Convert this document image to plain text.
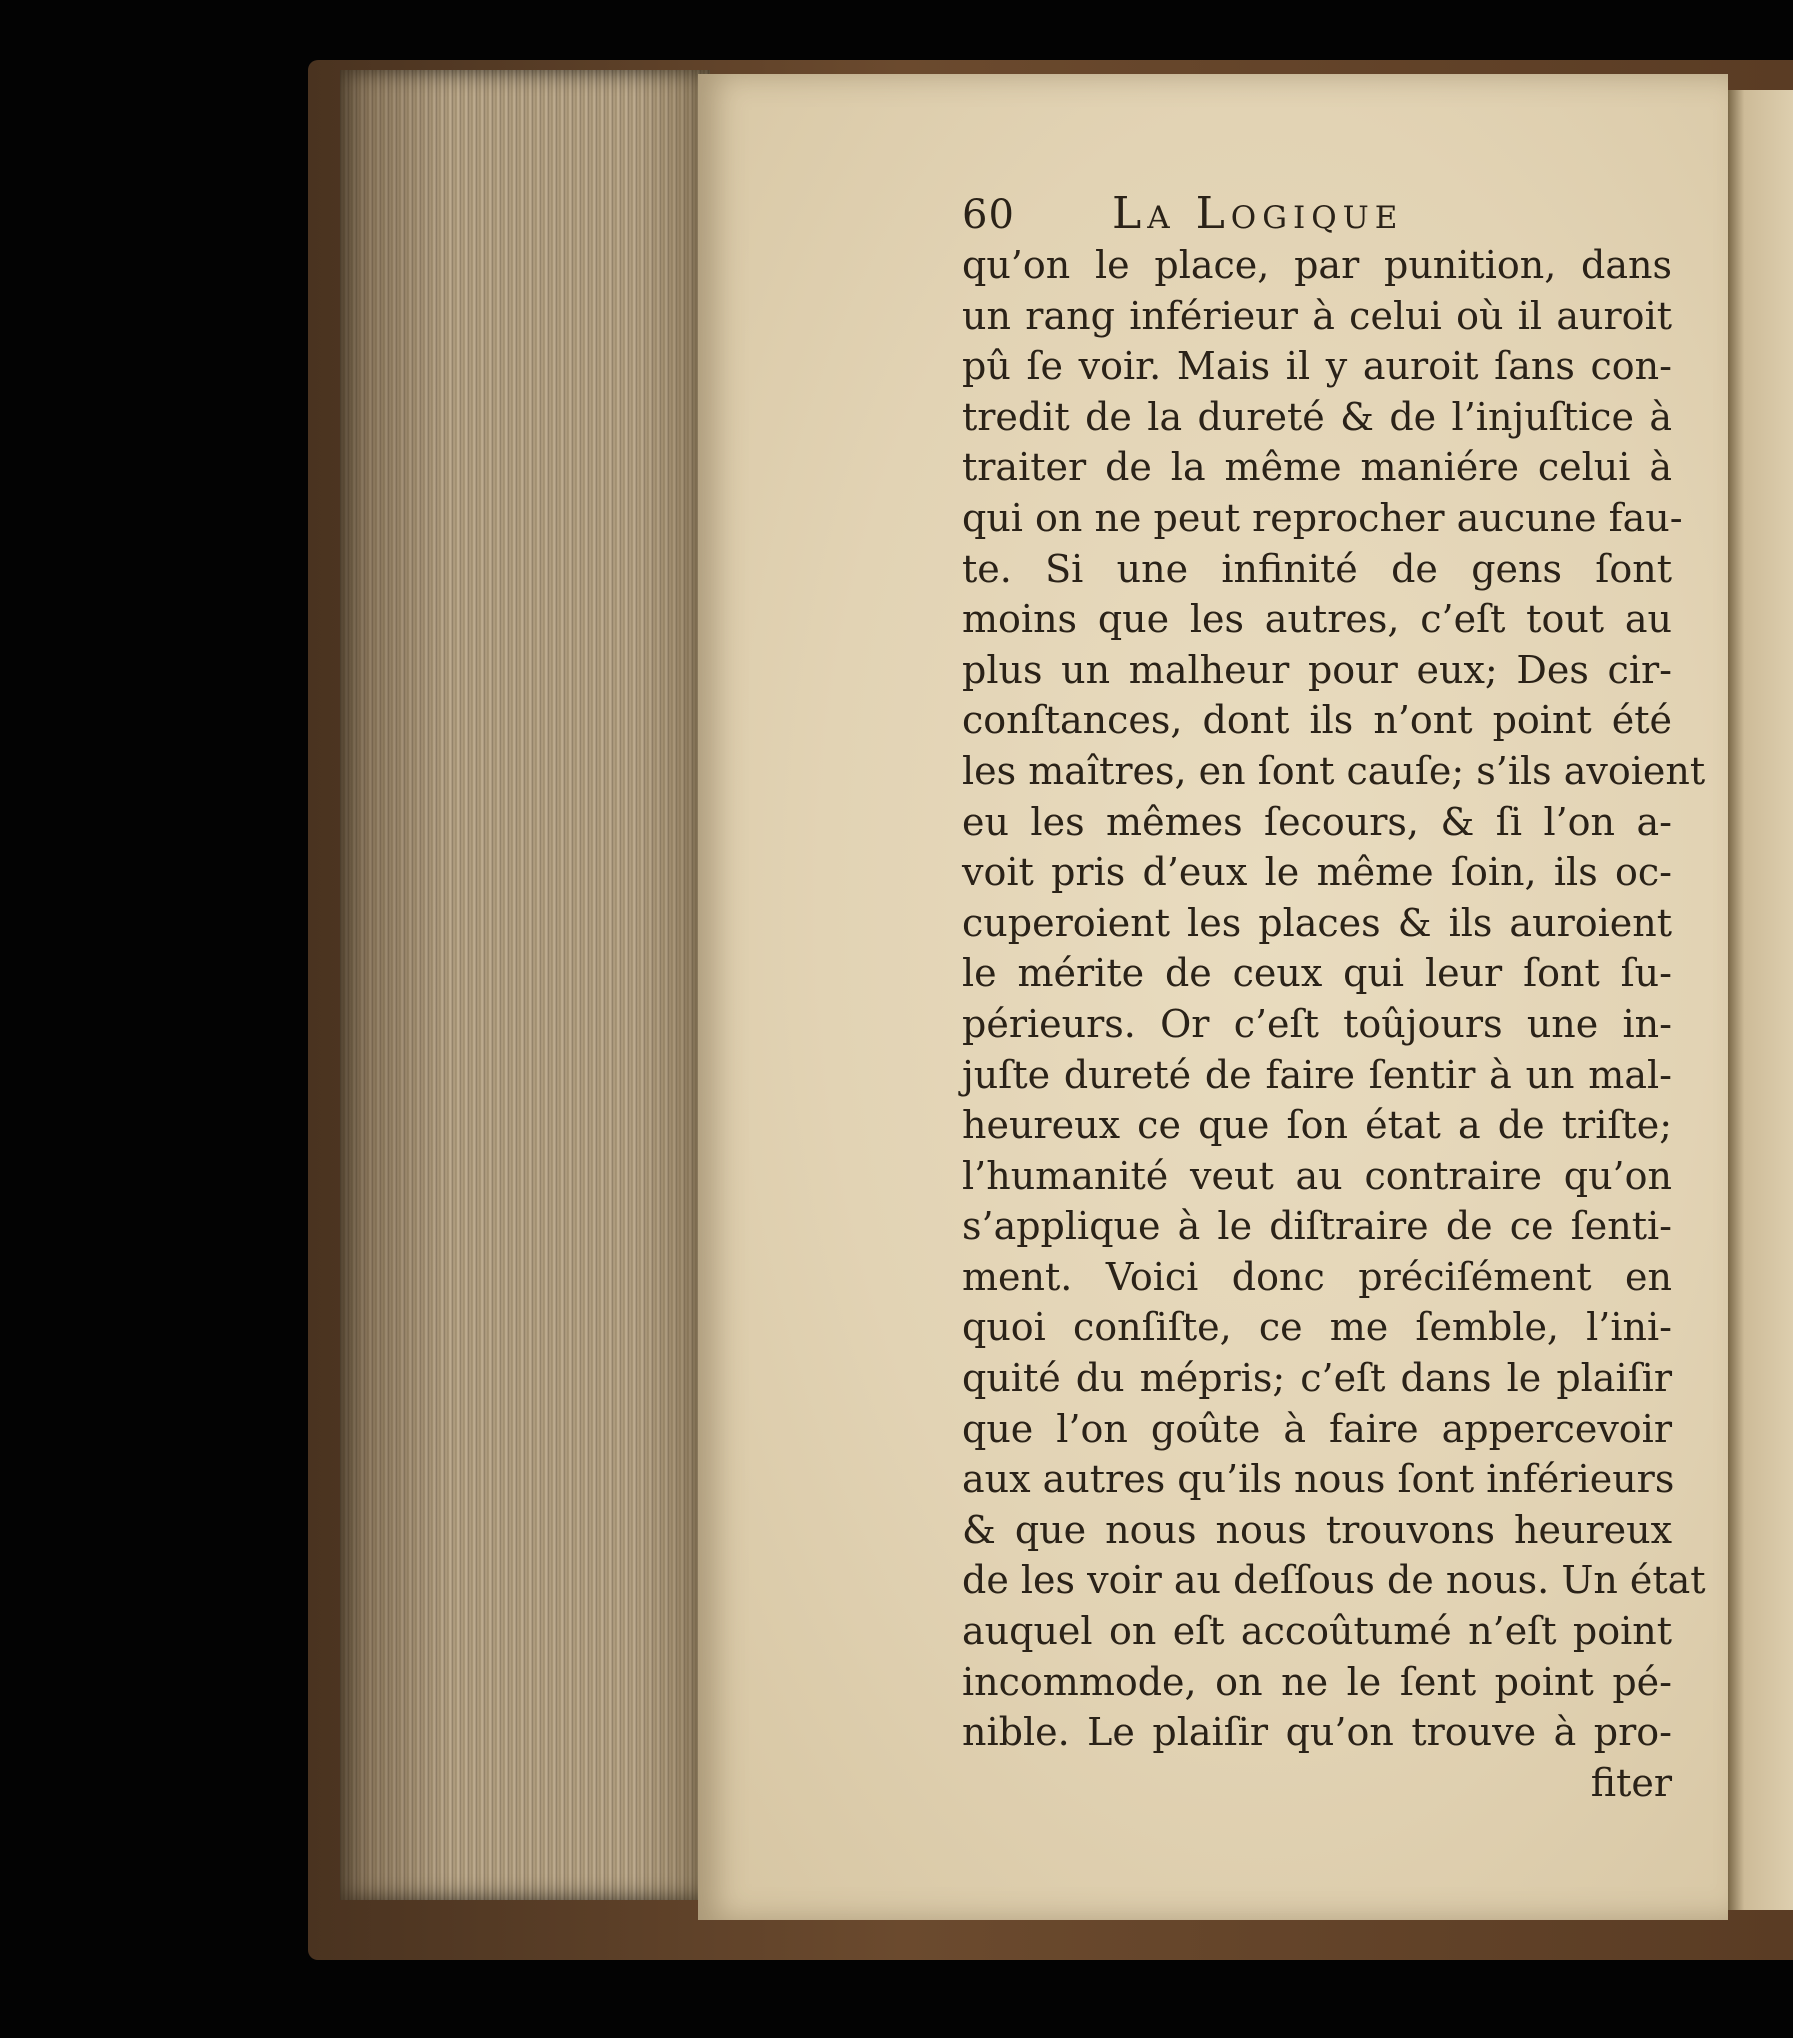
60	La Logique
qu’on le place, par punition, dans
un rang inférieur à celui où il auroit
pû ſe voir. Mais il y auroit ſans con-
tredit de la dureté & de l’injuſtice à
traiter de la même maniére celui à
qui on ne peut reprocher aucune fau-
te. Si une infinité de gens ſont
moins que les autres, c’eſt tout au
plus un malheur pour eux; Des cir-
conſtances, dont ils n’ont point été
les maîtres, en ſont cauſe; s’ils avoient
eu les mêmes ſecours, & ſi l’on a-
voit pris d’eux le même ſoin, ils oc-
cuperoient les places & ils auroient
le mérite de ceux qui leur ſont ſu-
périeurs. Or c’eſt toûjours une in-
juſte dureté de faire ſentir à un mal-
heureux ce que ſon état a de triſte;
l’humanité veut au contraire qu’on
s’applique à le diſtraire de ce ſenti-
ment. Voici donc préciſément en
quoi conſiſte, ce me ſemble, l’ini-
quité du mépris; c’eſt dans le plaiſir
que l’on goûte à faire appercevoir
aux autres qu’ils nous ſont inférieurs
& que nous nous trouvons heureux
de les voir au deſſous de nous. Un état
auquel on eſt accoûtumé n’eſt point
incommode, on ne le ſent point pé-
nible. Le plaiſir qu’on trouve à pro-
fiter
